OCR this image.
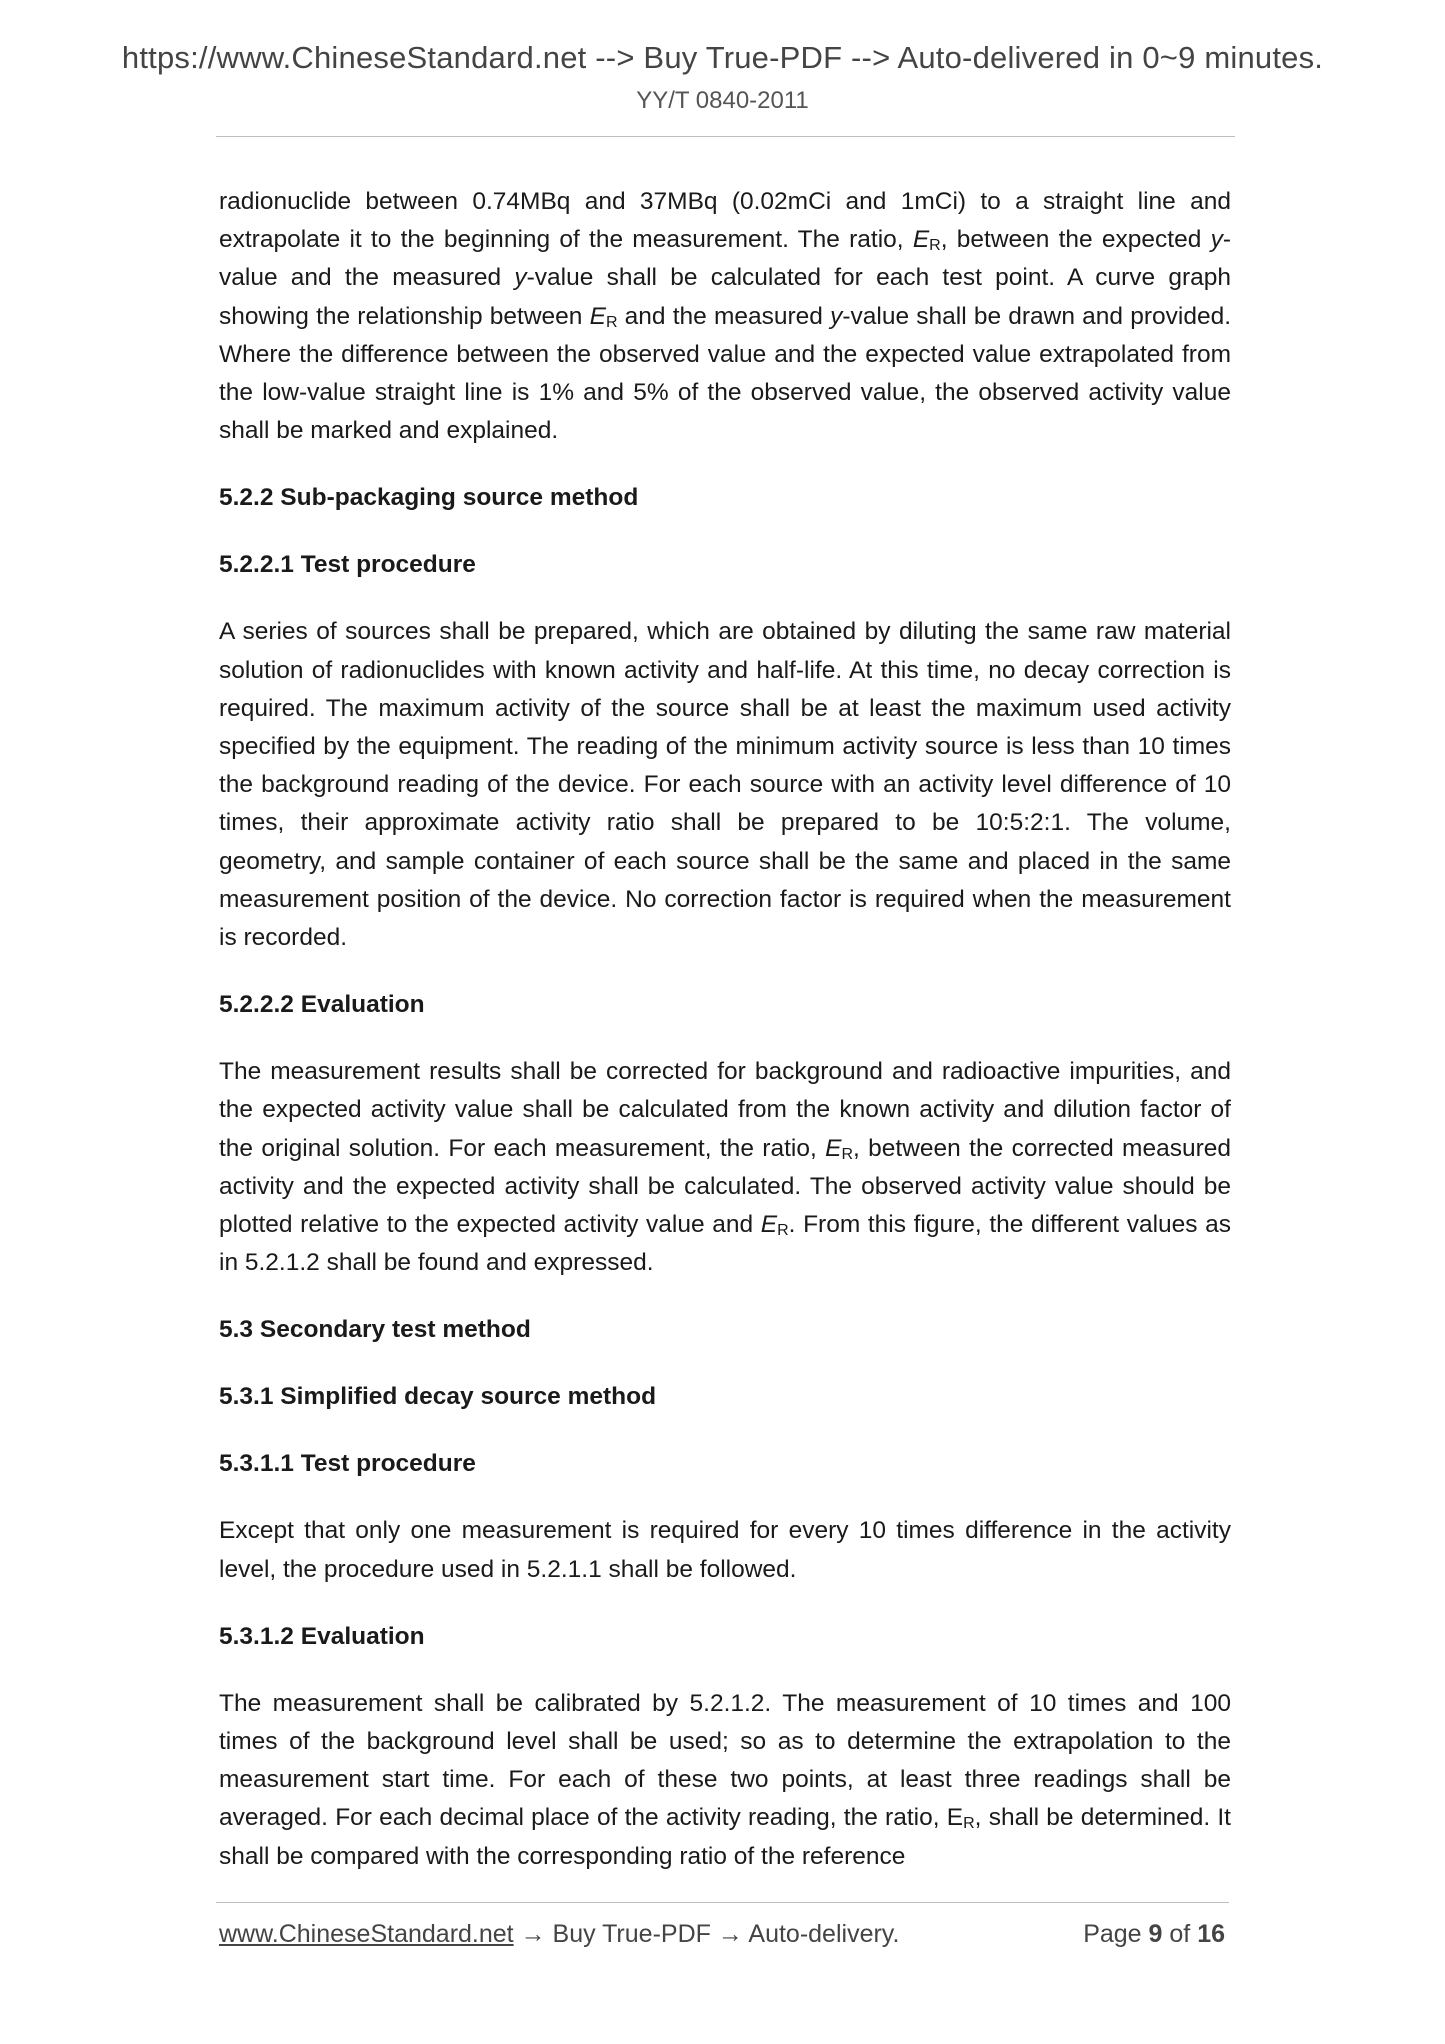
https://www.ChineseStandard.net --> Buy True-PDF --> Auto-delivered in 0~9 minutes.
YY/T 0840-2011

radionuclide between 0.74MBq and 37MBq (0.02mCi and 1mCi) to a straight line and extrapolate it to the beginning of the measurement. The ratio, $E_R$, between the expected y-value and the measured y-value shall be calculated for each test point. A curve graph showing the relationship between $E_R$ and the measured y-value shall be drawn and provided. Where the difference between the observed value and the expected value extrapolated from the low-value straight line is 1% and 5% of the observed value, the observed activity value shall be marked and explained.

5.2.2 Sub-packaging source method
5.2.2.1 Test procedure

A series of sources shall be prepared, which are obtained by diluting the same raw material solution of radionuclides with known activity and half-life. At this time, no decay correction is required. The maximum activity of the source shall be at least the maximum used activity specified by the equipment. The reading of the minimum activity source is less than 10 times the background reading of the device. For each source with an activity level difference of 10 times, their approximate activity ratio shall be prepared to be 10:5:2:1. The volume, geometry, and sample container of each source shall be the same and placed in the same measurement position of the device. No correction factor is required when the measurement is recorded.

5.2.2.2 Evaluation

The measurement results shall be corrected for background and radioactive impurities, and the expected activity value shall be calculated from the known activity and dilution factor of the original solution. For each measurement, the ratio, $E_R$, between the corrected measured activity and the expected activity shall be calculated. The observed activity value should be plotted relative to the expected activity value and $E_R$. From this figure, the different values as in 5.2.1.2 shall be found and expressed.

5.3 Secondary test method
5.3.1 Simplified decay source method
5.3.1.1 Test procedure

Except that only one measurement is required for every 10 times difference in the activity level, the procedure used in 5.2.1.1 shall be followed.

5.3.1.2 Evaluation

The measurement shall be calibrated by 5.2.1.2. The measurement of 10 times and 100 times of the background level shall be used; so as to determine the extrapolation to the measurement start time. For each of these two points, at least three readings shall be averaged. For each decimal place of the activity reading, the ratio, $E_R$, shall be determined. It shall be compared with the corresponding ratio of the reference

www.ChineseStandard.net → Buy True-PDF → Auto-delivery.	Page 9 of 16
